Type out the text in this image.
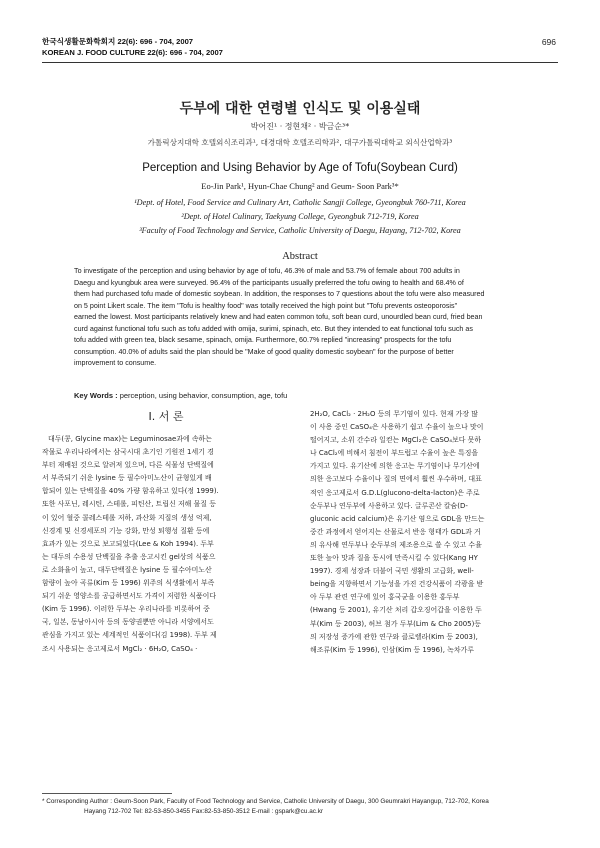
한국식생활문화학회지 22(6): 696 - 704, 2007
KOREAN J. FOOD CULTURE 22(6): 696 - 704, 2007
696
두부에 대한 연령별 인식도 및 이용실태
박어진¹ · 정현채² · 박금순³*
가톨릭상지대학 호텔외식조리과¹, 대경대학 호텔조리학과², 대구가톨릭대학교 외식산업학과³
Perception and Using Behavior by Age of Tofu(Soybean Curd)
Eo-Jin Park¹, Hyun-Chae Chung² and Geum- Soon Park³*
¹Dept. of Hotel, Food Service and Culinary Art, Catholic Sangji College, Gyeongbuk 760-711, Korea
²Dept. of Hotel Culinary, Taekyung College, Gyeongbuk 712-719, Korea
³Faculty of Food Technology and Service, Catholic University of Daegu, Hayang, 712-702, Korea
Abstract
To investigate of the perception and using behavior by age of tofu, 46.3% of male and 53.7% of female about 700 adults in
Daegu and kyungbuk area were surveyed. 96.4% of the participants usually preferred the tofu owing to health and 68.4% of
them had purchased tofu made of domestic soybean. In addition, the responses to 7 questions about the tofu were also measured
on 5 point Likert scale. The item "Tofu is healthy food" was totally received the high point but "Tofu prevents osteoporosis"
earned the lowest. Most participants relatively knew and had eaten common tofu, soft bean curd, unourdled bean curd, fried bean
curd against functional tofu such as tofu added with omija, surimi, spinach, etc. But they intended to eat functional tofu such as
tofu added with green tea, black sesame, spinach, omija. Furthermore, 60.7% replied "increasing" prospects for the tofu
consumption. 40.0% of adults said the plan should be "Make of good quality domestic soybean" for the purpose of better
improvement to consume.
Key Words : perception, using behavior, consumption, age, tofu
I. 서 론
대두(콩, Glycine max)는 Leguminosae과에 속하는
작물로 우리나라에서는 삼국시대 초기인 기원전 1세기 경
부터 재배된 것으로 알려져 있으며, 다른 식물성 단백질에
서 부족되기 쉬운 lysine 등 필수아미노산이 균형있게 배
합되어 있는 단백질을 40% 가량 함유하고 있다(정 1999).
또한 사포닌, 레시틴, 스테롤, 피틴산, 트립신 저해 물질 등
이 있어 혈중 콜레스테롤 저하, 과산화 지질의 생성 억제,
신경계 및 신경세포의 기능 강화, 만성 퇴행성 질환 등에
효과가 있는 것으로 보고되었다(Lee & Koh 1994). 두부
는 대두의 수용성 단백질을 추출 응고시킨 gel상의 식품으
로 소화율이 높고, 대두단백질은 lysine 등 필수아미노산
함량이 높아 곡류(Kim 등 1996) 위주의 식생활에서 부족
되기 쉬운 영양소를 공급하면서도 가격이 저렴한 식품이다
(Kim 등 1996). 이러한 두부는 우리나라를 비롯하여 중
국, 일본, 동남아시아 등의 동양권뿐만 아니라 서양에서도
관심을 가지고 있는 세계적인 식품이다(김 1998). 두부 제
조시 사용되는 응고제로서 MgCl₂ · 6H₂O, CaSO₄ ·
2H₂O, CaCl₂ · 2H₂O 등의 무기염이 있다. 현재 가장 많
이 사용 중인 CaSO₄은 사용하기 쉽고 수율이 높으나 맛이
떨어지고, 소위 간수라 일컫는 MgCl₂은 CaSO₄보다 못하
나 CaCl₂에 비해서 침전이 부드럽고 수율이 높은 특징을
가지고 있다. 유기산에 의한 응고는 무기염이나 무기산에
의한 응고보다 수율이나 질의 면에서 훨씬 우수하며, 대표
적인 응고제로서 G.D.L(glucono-delta-lacton)은 주로
순두부나 연두부에 사용하고 있다. 글루콘산 칼슘(D-
gluconic acid calcium)은 유기산 염으로 GDL을 만드는
중간 과정에서 얻어지는 산물로서 반응 형태가 GDL과 거
의 유사해 연두부나 순두부의 제조용으로 쓸 수 있고 수율
또한 높아 맛과 질을 동시에 만족시킬 수 있다(Kang HY
1997). 경제 성장과 더불어 국민 생활의 고급화, well-
being을 지향하면서 기능성을 가진 건강식품이 각광을 받
아 두부 관련 연구에 있어 홍국균을 이용한 홍두부
(Hwang 등 2001), 유기산 처리 갑오징어갑을 이용한 두
부(Kim 등 2003), 허브 첨가 두부(Lim & Cho 2005)등
의 저장성 증가에 관한 연구와 클로렐라(Kim 등 2003),
해조류(Kim 등 1996), 인삼(Kim 등 1996), 녹차가루
* Corresponding Author : Geum-Soon Park, Faculty of Food Technology and Service, Catholic University of Daegu, 300 Geumrakri Hayangup, 712-702, Korea
Hayang 712-702 Tel: 82-53-850-3455 Fax:82-53-850-3512 E-mail : gspark@cu.ac.kr
